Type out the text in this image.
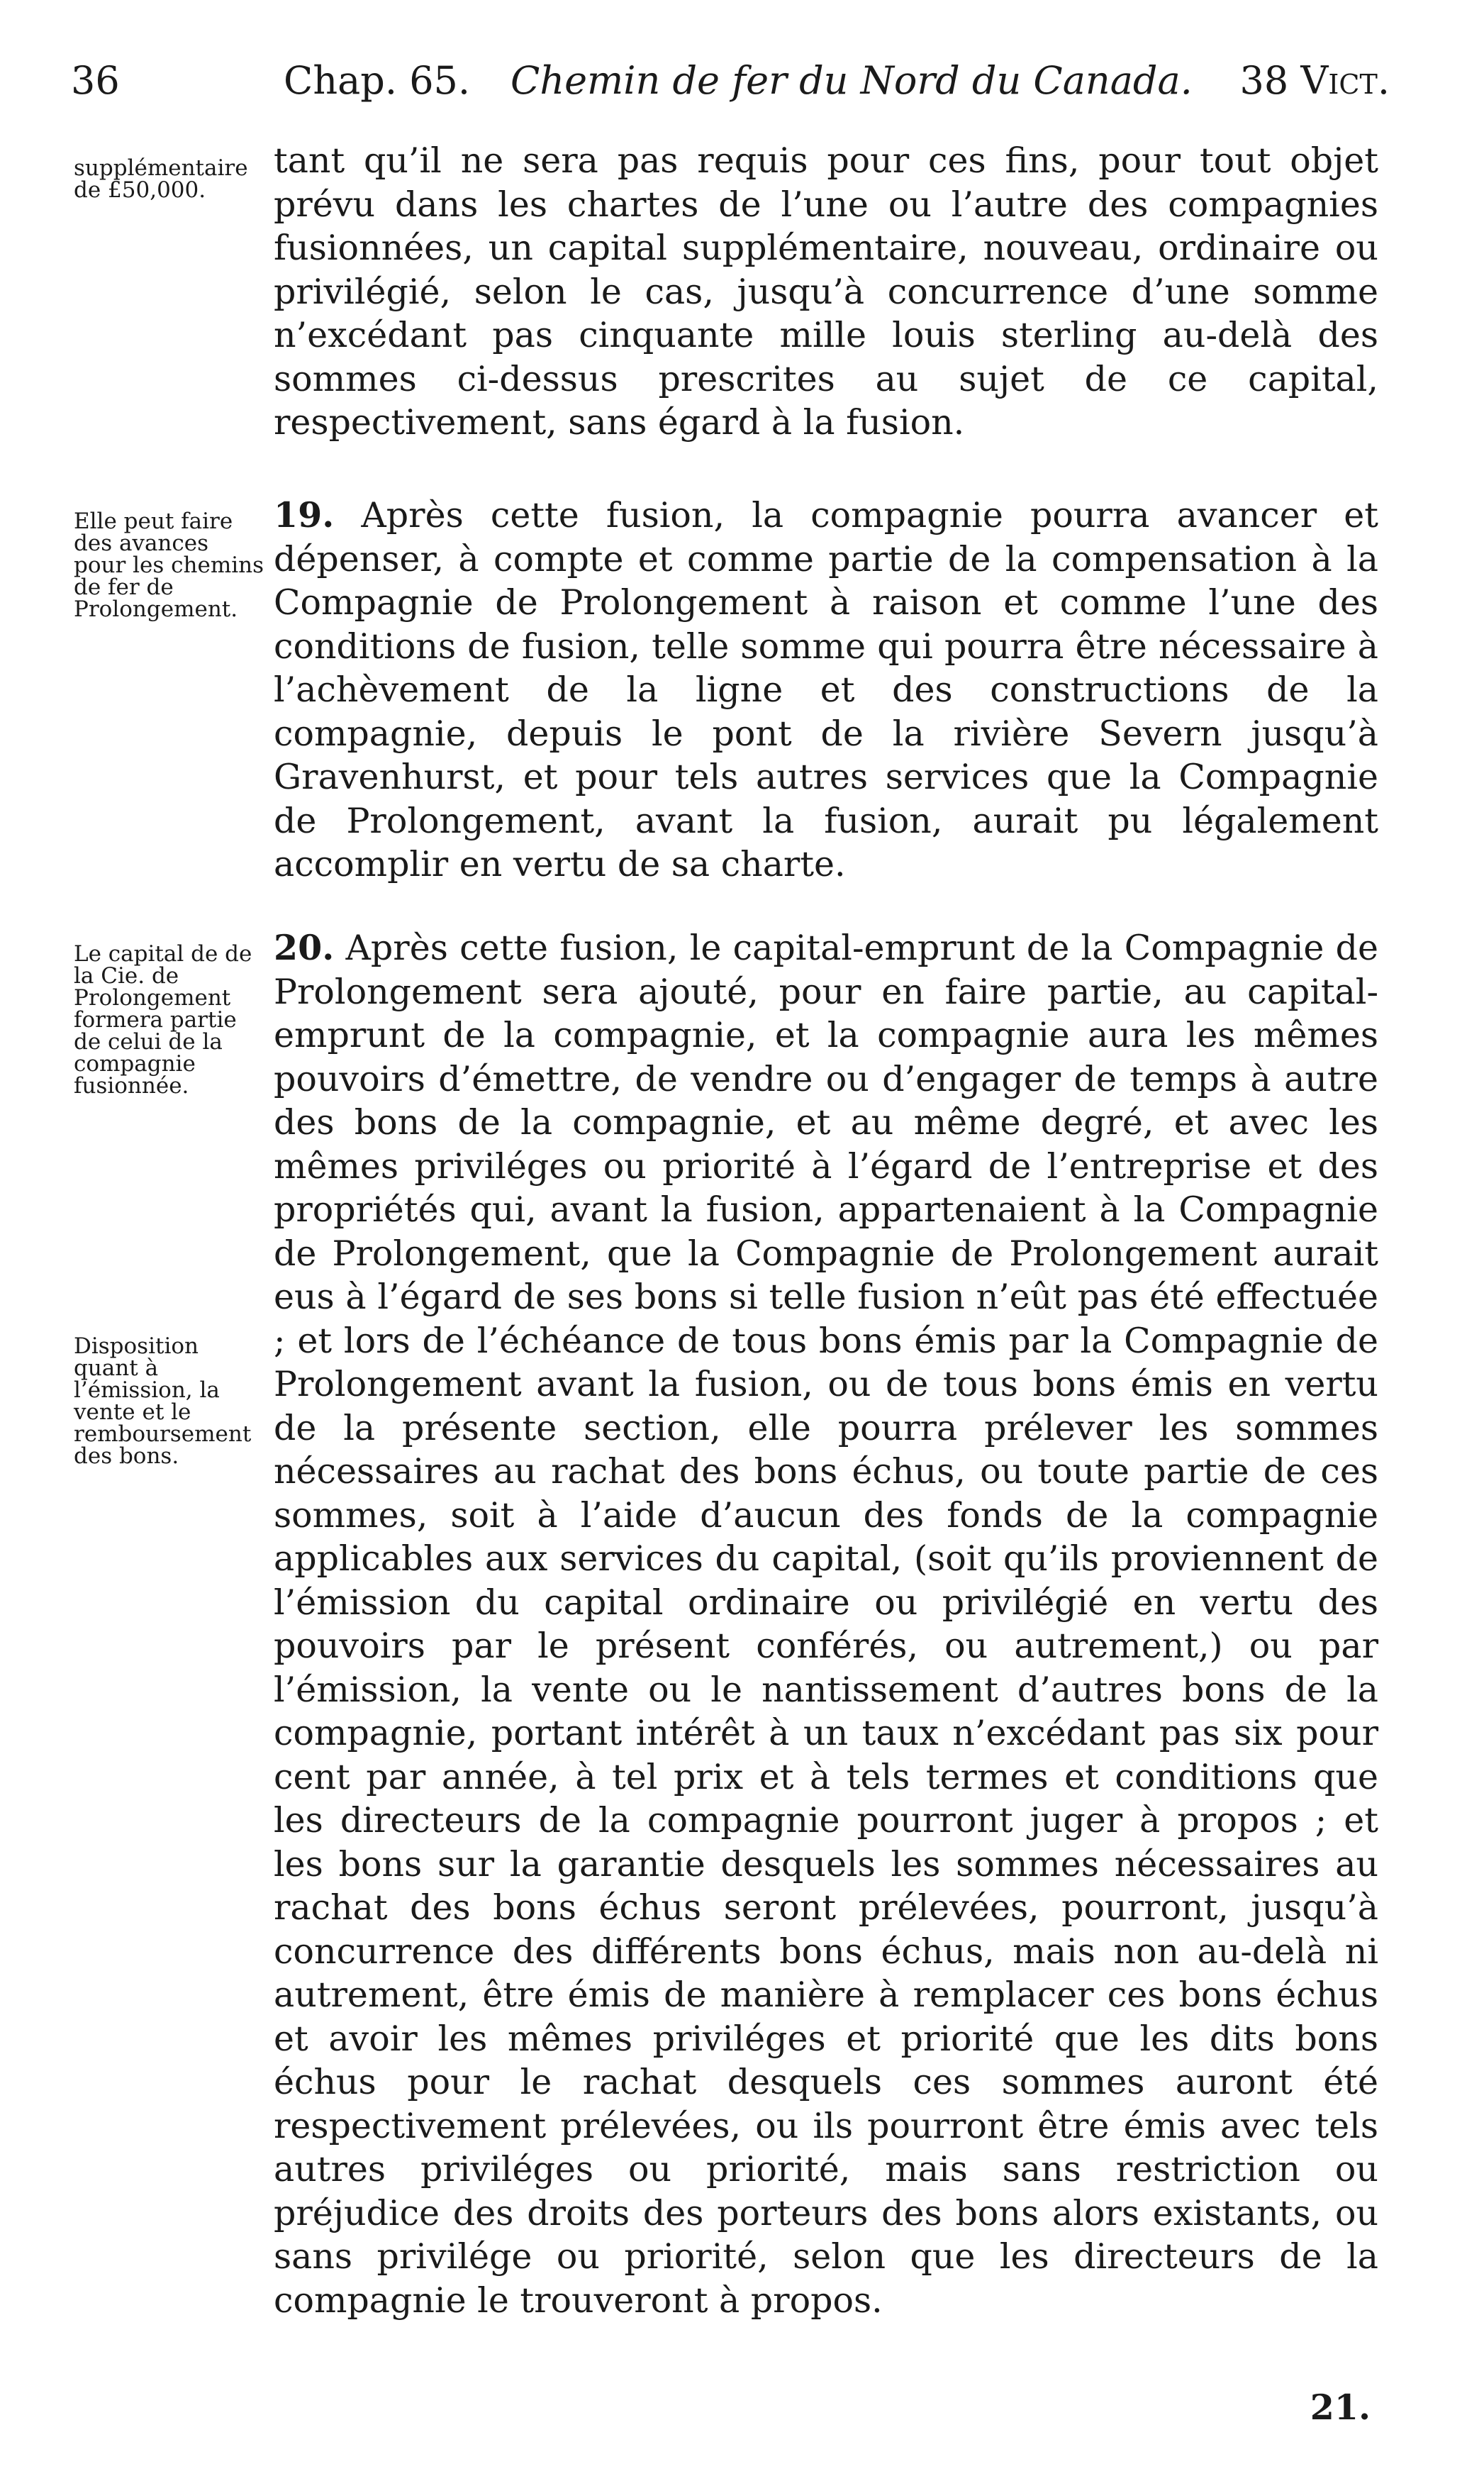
36	Chap. 65. Chemin de fer du Nord du Canada. 38 Vict.
supplémentaire de £50,000.
Elle peut faire des avances pour les chemins de fer de Prolongement.
Le capital de de la Cie. de Prolongement formera partie de celui de la compagnie fusionnée.
Disposition quant à l’émission, la vente et le remboursement des bons.

tant qu’il ne sera pas requis pour ces fins, pour tout objet prévu dans les chartes de l’une ou l’autre des compagnies fusionnées, un capital supplémentaire, nouveau, ordinaire ou privilégié, selon le cas, jusqu’à concurrence d’une somme n’excédant pas cinquante mille louis sterling au-delà des sommes ci-dessus prescrites au sujet de ce capital, respectivement, sans égard à la fusion.

19. Après cette fusion, la compagnie pourra avancer et dépenser, à compte et comme partie de la compensation à la Compagnie de Prolongement à raison et comme l’une des conditions de fusion, telle somme qui pourra être nécessaire à l’achèvement de la ligne et des constructions de la compagnie, depuis le pont de la rivière Severn jusqu’à Gravenhurst, et pour tels autres services que la Compagnie de Prolongement, avant la fusion, aurait pu légalement accomplir en vertu de sa charte.

20. Après cette fusion, le capital-emprunt de la Compagnie de Prolongement sera ajouté, pour en faire partie, au capital-emprunt de la compagnie, et la compagnie aura les mêmes pouvoirs d’émettre, de vendre ou d’engager de temps à autre des bons de la compagnie, et au même degré, et avec les mêmes priviléges ou priorité à l’égard de l’entreprise et des propriétés qui, avant la fusion, appartenaient à la Compagnie de Prolongement, que la Compagnie de Prolongement aurait eus à l’égard de ses bons si telle fusion n’eût pas été effectuée ; et lors de l’échéance de tous bons émis par la Compagnie de Prolongement avant la fusion, ou de tous bons émis en vertu de la présente section, elle pourra prélever les sommes nécessaires au rachat des bons échus, ou toute partie de ces sommes, soit à l’aide d’aucun des fonds de la compagnie applicables aux services du capital, (soit qu’ils proviennent de l’émission du capital ordinaire ou privilégié en vertu des pouvoirs par le présent conférés, ou autrement,) ou par l’émission, la vente ou le nantissement d’autres bons de la compagnie, portant intérêt à un taux n’excédant pas six pour cent par année, à tel prix et à tels termes et conditions que les directeurs de la compagnie pourront juger à propos ; et les bons sur la garantie desquels les sommes nécessaires au rachat des bons échus seront prélevées, pourront, jusqu’à concurrence des différents bons échus, mais non au-delà ni autrement, être émis de manière à remplacer ces bons échus et avoir les mêmes priviléges et priorité que les dits bons échus pour le rachat desquels ces sommes auront été respectivement prélevées, ou ils pourront être émis avec tels autres priviléges ou priorité, mais sans restriction ou préjudice des droits des porteurs des bons alors existants, ou sans privilége ou priorité, selon que les directeurs de la compagnie le trouveront à propos.

21.
